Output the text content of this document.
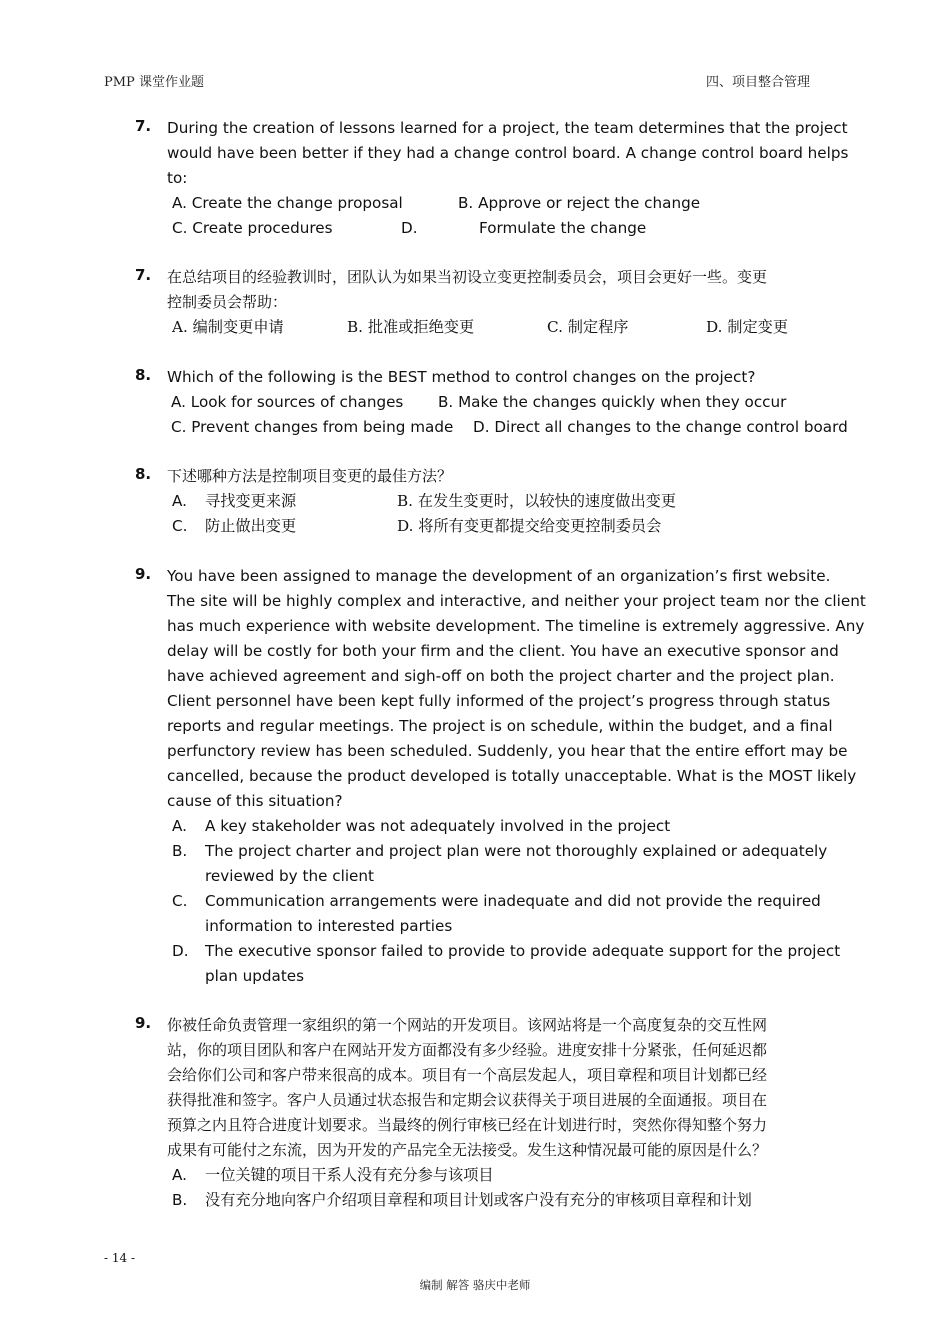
PMP 课堂作业题	四、项目整合管理
7. During the creation of lessons learned for a project, the team determines that the project
would have been better if they had a change control board. A change control board helps
to:
A. Create the change proposal	B. Approve or reject the change
C. Create procedures	D.	Formulate the change
7. 在总结项目的经验教训时，团队认为如果当初设立变更控制委员会，项目会更好一些。变更
控制委员会帮助：
A. 编制变更申请	B. 批准或拒绝变更	C. 制定程序	D. 制定变更
8. Which of the following is the BEST method to control changes on the project?
A. Look for sources of changes B. Make the changes quickly when they occur
C. Prevent changes from being made D. Direct all changes to the change control board
8. 下述哪种方法是控制项目变更的最佳方法？
A. 寻找变更来源	B. 在发生变更时，以较快的速度做出变更
C. 防止做出变更	D. 将所有变更都提交给变更控制委员会
9. You have been assigned to manage the development of an organization’s first website.
The site will be highly complex and interactive, and neither your project team nor the client
has much experience with website development. The timeline is extremely aggressive. Any
delay will be costly for both your firm and the client. You have an executive sponsor and
have achieved agreement and sigh-off on both the project charter and the project plan.
Client personnel have been kept fully informed of the project’s progress through status
reports and regular meetings. The project is on schedule, within the budget, and a final
perfunctory review has been scheduled. Suddenly, you hear that the entire effort may be
cancelled, because the product developed is totally unacceptable. What is the MOST likely
cause of this situation?
A. A key stakeholder was not adequately involved in the project
B. The project charter and project plan were not thoroughly explained or adequately
reviewed by the client
C. Communication arrangements were inadequate and did not provide the required
information to interested parties
D. The executive sponsor failed to provide to provide adequate support for the project
plan updates
9. 你被任命负责管理一家组织的第一个网站的开发项目。该网站将是一个高度复杂的交互性网
站，你的项目团队和客户在网站开发方面都没有多少经验。进度安排十分紧张，任何延迟都
会给你们公司和客户带来很高的成本。项目有一个高层发起人，项目章程和项目计划都已经
获得批准和签字。客户人员通过状态报告和定期会议获得关于项目进展的全面通报。项目在
预算之内且符合进度计划要求。当最终的例行审核已经在计划进行时，突然你得知整个努力
成果有可能付之东流，因为开发的产品完全无法接受。发生这种情况最可能的原因是什么？
A. 一位关键的项目干系人没有充分参与该项目
B. 没有充分地向客户介绍项目章程和项目计划或客户没有充分的审核项目章程和计划
- 14 -
编制 解答 骆庆中老师
